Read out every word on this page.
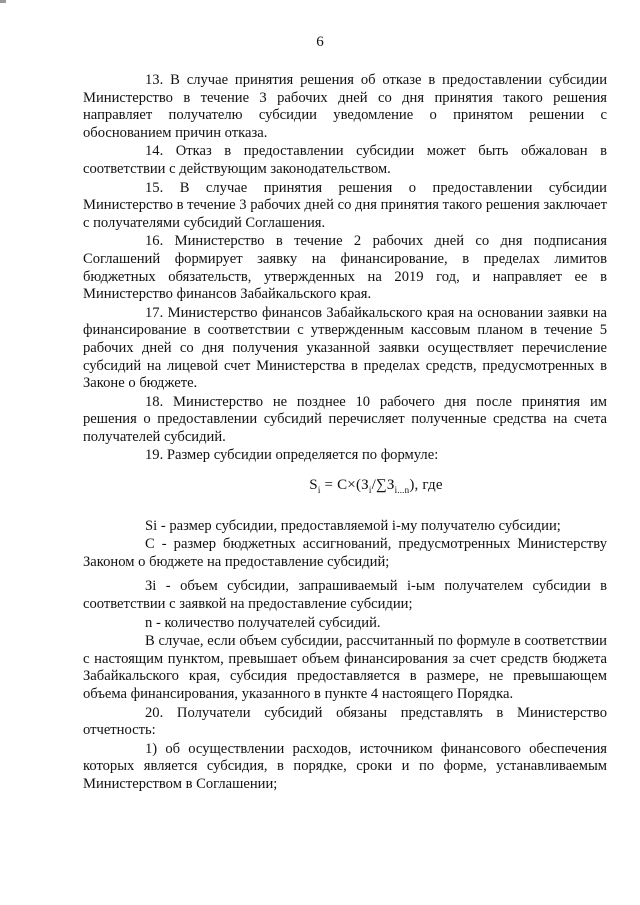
6

13. В случае принятия решения об отказе в предоставлении субсидии Министерство в течение 3 рабочих дней со дня принятия такого решения направляет получателю субсидии уведомление о принятом решении с обоснованием причин отказа.

14. Отказ в предоставлении субсидии может быть обжалован в соответствии с действующим законодательством.

15. В случае принятия решения о предоставлении субсидии Министерство в течение 3 рабочих дней со дня принятия такого решения заключает с получателями субсидий Соглашения.

16. Министерство в течение 2 рабочих дней со дня подписания Соглашений формирует заявку на финансирование, в пределах лимитов бюджетных обязательств, утвержденных на 2019 год, и направляет ее в Министерство финансов Забайкальского края.

17. Министерство финансов Забайкальского края на основании заявки на финансирование в соответствии с утвержденным кассовым планом в течение 5 рабочих дней со дня получения указанной заявки осуществляет перечисление субсидий на лицевой счет Министерства в пределах средств, предусмотренных в Законе о бюджете.

18. Министерство не позднее 10 рабочего дня после принятия им решения о предоставлении субсидий перечисляет полученные средства на счета получателей субсидий.

19. Размер субсидии определяется по формуле:

$S_i = C\times(З_i/\sum З_{i...n})$, где

Si - размер субсидии, предоставляемой i-му получателю субсидии;

С - размер бюджетных ассигнований, предусмотренных Министерству Законом о бюджете на предоставление субсидий;

Зi - объем субсидии, запрашиваемый i-ым получателем субсидии в соответствии с заявкой на предоставление субсидии;

n - количество получателей субсидий.

В случае, если объем субсидии, рассчитанный по формуле в соответствии с настоящим пунктом, превышает объем финансирования за счет средств бюджета Забайкальского края, субсидия предоставляется в размере, не превышающем объема финансирования, указанного в пункте 4 настоящего Порядка.

20. Получатели субсидий обязаны представлять в Министерство отчетность:

1) об осуществлении расходов, источником финансового обеспечения которых является субсидия, в порядке, сроки и по форме, устанавливаемым Министерством в Соглашении;
